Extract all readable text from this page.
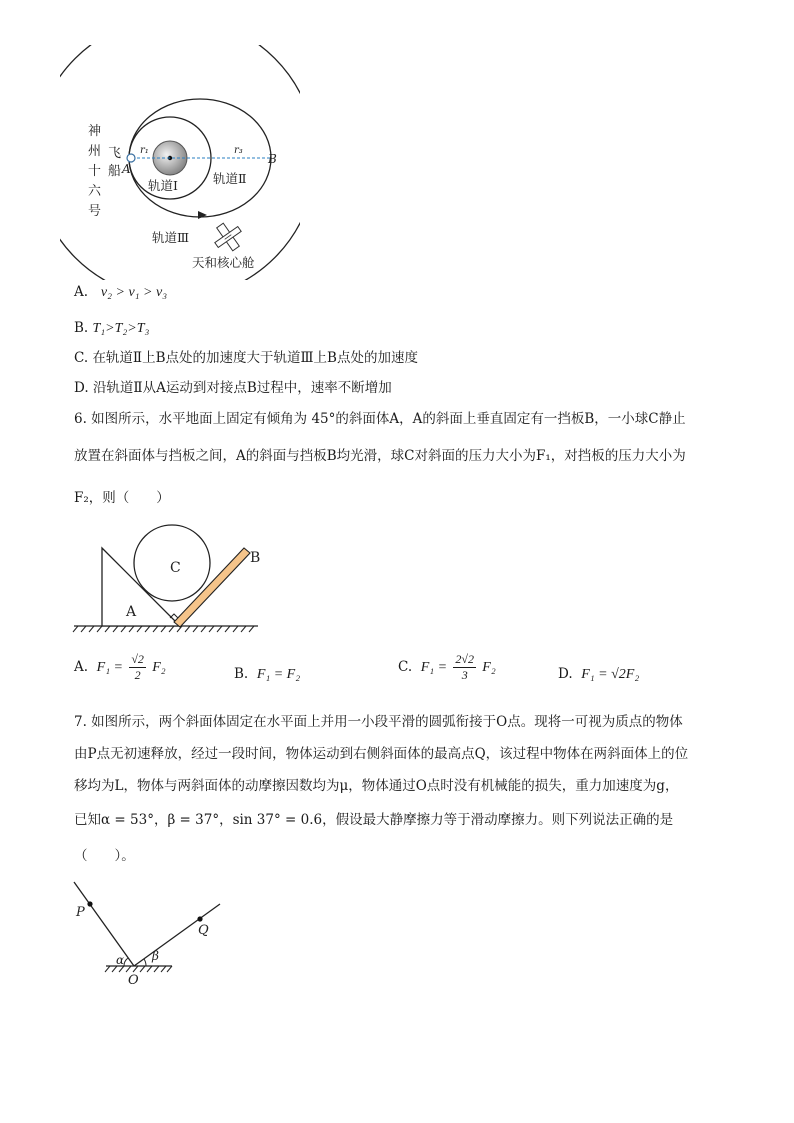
神
州
十
六
号
飞
船 A
B
r₁	r₃
轨道Ⅰ	轨道Ⅱ
轨道Ⅲ
天和核心舱
A. v₂ > v₁ > v₃
B. T₁>T₂>T₃
C. 在轨道Ⅱ上B点处的加速度大于轨道Ⅲ上B点处的加速度
D. 沿轨道Ⅱ从A运动到对接点B过程中，速率不断增加
6. 如图所示，水平地面上固定有倾角为 45°的斜面体A，A的斜面上垂直固定有一挡板B，一小球C静止
放置在斜面体与挡板之间，A的斜面与挡板B均光滑，球C对斜面的压力大小为F₁，对挡板的压力大小为
F₂，则（　　）
A
C
B
A. $F_1 = \frac{√2}{2} F_2$	B. F₁ = F₂	C. $F_1 = \frac{2√2}{3} F_2$	D. F₁ = √2F₂
7. 如图所示，两个斜面体固定在水平面上并用一小段平滑的圆弧衔接于O点。现将一可视为质点的物体
由P点无初速释放，经过一段时间，物体运动到右侧斜面体的最高点Q，该过程中物体在两斜面体上的位
移均为L，物体与两斜面体的动摩擦因数均为μ，物体通过O点时没有机械能的损失，重力加速度为g，
已知α = 53°，β = 37°，sin 37° = 0.6，假设最大静摩擦力等于滑动摩擦力。则下列说法正确的是
（　　）。
P
Q
O
α β
